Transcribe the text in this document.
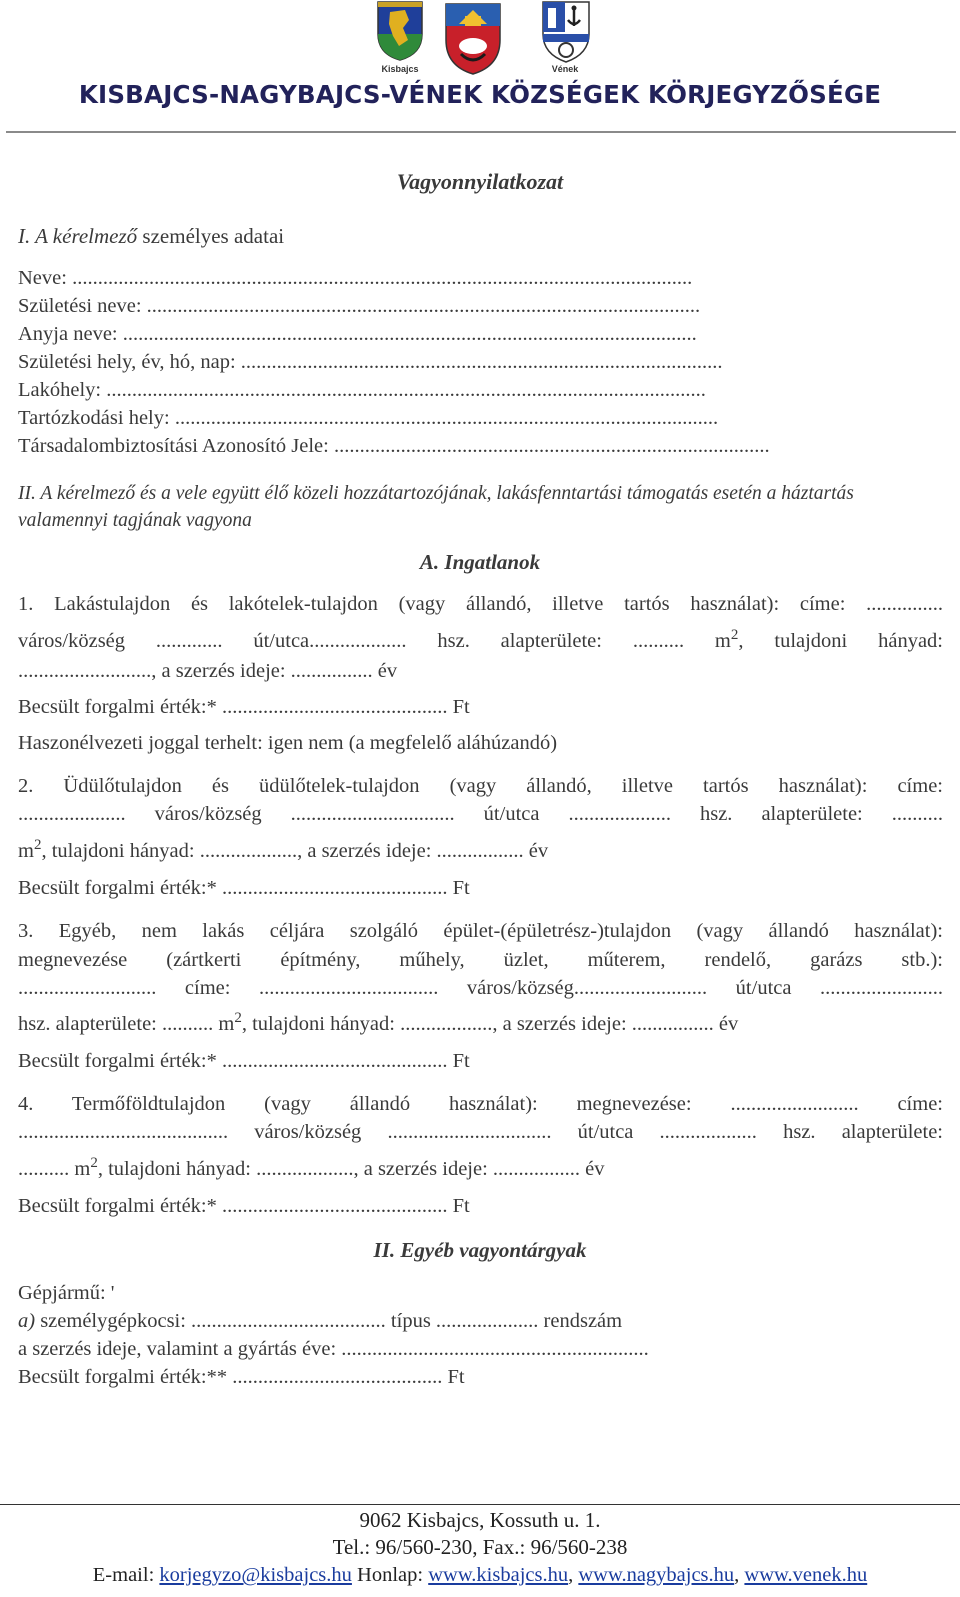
Kisbajcs	Vének
KISBAJCS-NAGYBAJCS-VÉNEK KÖZSÉGEK KÖRJEGYZŐSÉGE
Vagyonnyilatkozat
I. A kérelmező személyes adatai
Neve: .........................................................................................................................
Születési neve: ............................................................................................................
Anyja neve: ................................................................................................................
Születési hely, év, hó, nap: ..............................................................................................
Lakóhely: .....................................................................................................................
Tartózkodási hely: ..........................................................................................................
Társadalombiztosítási Azonosító Jele: .....................................................................................
II. A kérelmező és a vele együtt élő közeli hozzátartozójának, lakásfenntartási támogatás esetén a háztartás valamennyi tagjának vagyona
A. Ingatlanok
1. Lakástulajdon és lakótelek-tulajdon (vagy állandó, illetve tartós használat): címe: ...............
város/község ............. út/utca................... hsz. alapterülete: .......... $m^2$, tulajdoni hányad:
.........................., a szerzés ideje: ................ év
Becsült forgalmi érték:* ............................................ Ft
Haszonélvezeti joggal terhelt: igen nem (a megfelelő aláhúzandó)
2. Üdülőtulajdon és üdülőtelek-tulajdon (vagy állandó, illetve tartós használat): címe:
..................... város/község ................................ út/utca .................... hsz. alapterülete: ..........
$m^2$, tulajdoni hányad: ..................., a szerzés ideje: ................. év
Becsült forgalmi érték:* ............................................ Ft
3. Egyéb, nem lakás céljára szolgáló épület-(épületrész-)tulajdon (vagy állandó használat):
megnevezése (zártkerti építmény, műhely, üzlet, műterem, rendelő, garázs stb.):
........................... címe: ................................... város/község.......................... út/utca ........................
hsz. alapterülete: .......... $m^2$, tulajdoni hányad: .................., a szerzés ideje: ................ év
Becsült forgalmi érték:* ............................................ Ft
4. Termőföldtulajdon (vagy állandó használat): megnevezése: ......................... címe:
......................................... város/község ................................ út/utca ................... hsz. alapterülete:
.......... $m^2$, tulajdoni hányad: ..................., a szerzés ideje: ................. év
Becsült forgalmi érték:* ............................................ Ft
II. Egyéb vagyontárgyak
Gépjármű: '
a) személygépkocsi: ...................................... típus .................... rendszám
a szerzés ideje, valamint a gyártás éve: ............................................................
Becsült forgalmi érték:** ......................................... Ft
9062 Kisbajcs, Kossuth u. 1.
Tel.: 96/560-230, Fax.: 96/560-238
E-mail: korjegyzo@kisbajcs.hu Honlap: www.kisbajcs.hu, www.nagybajcs.hu, www.venek.hu
